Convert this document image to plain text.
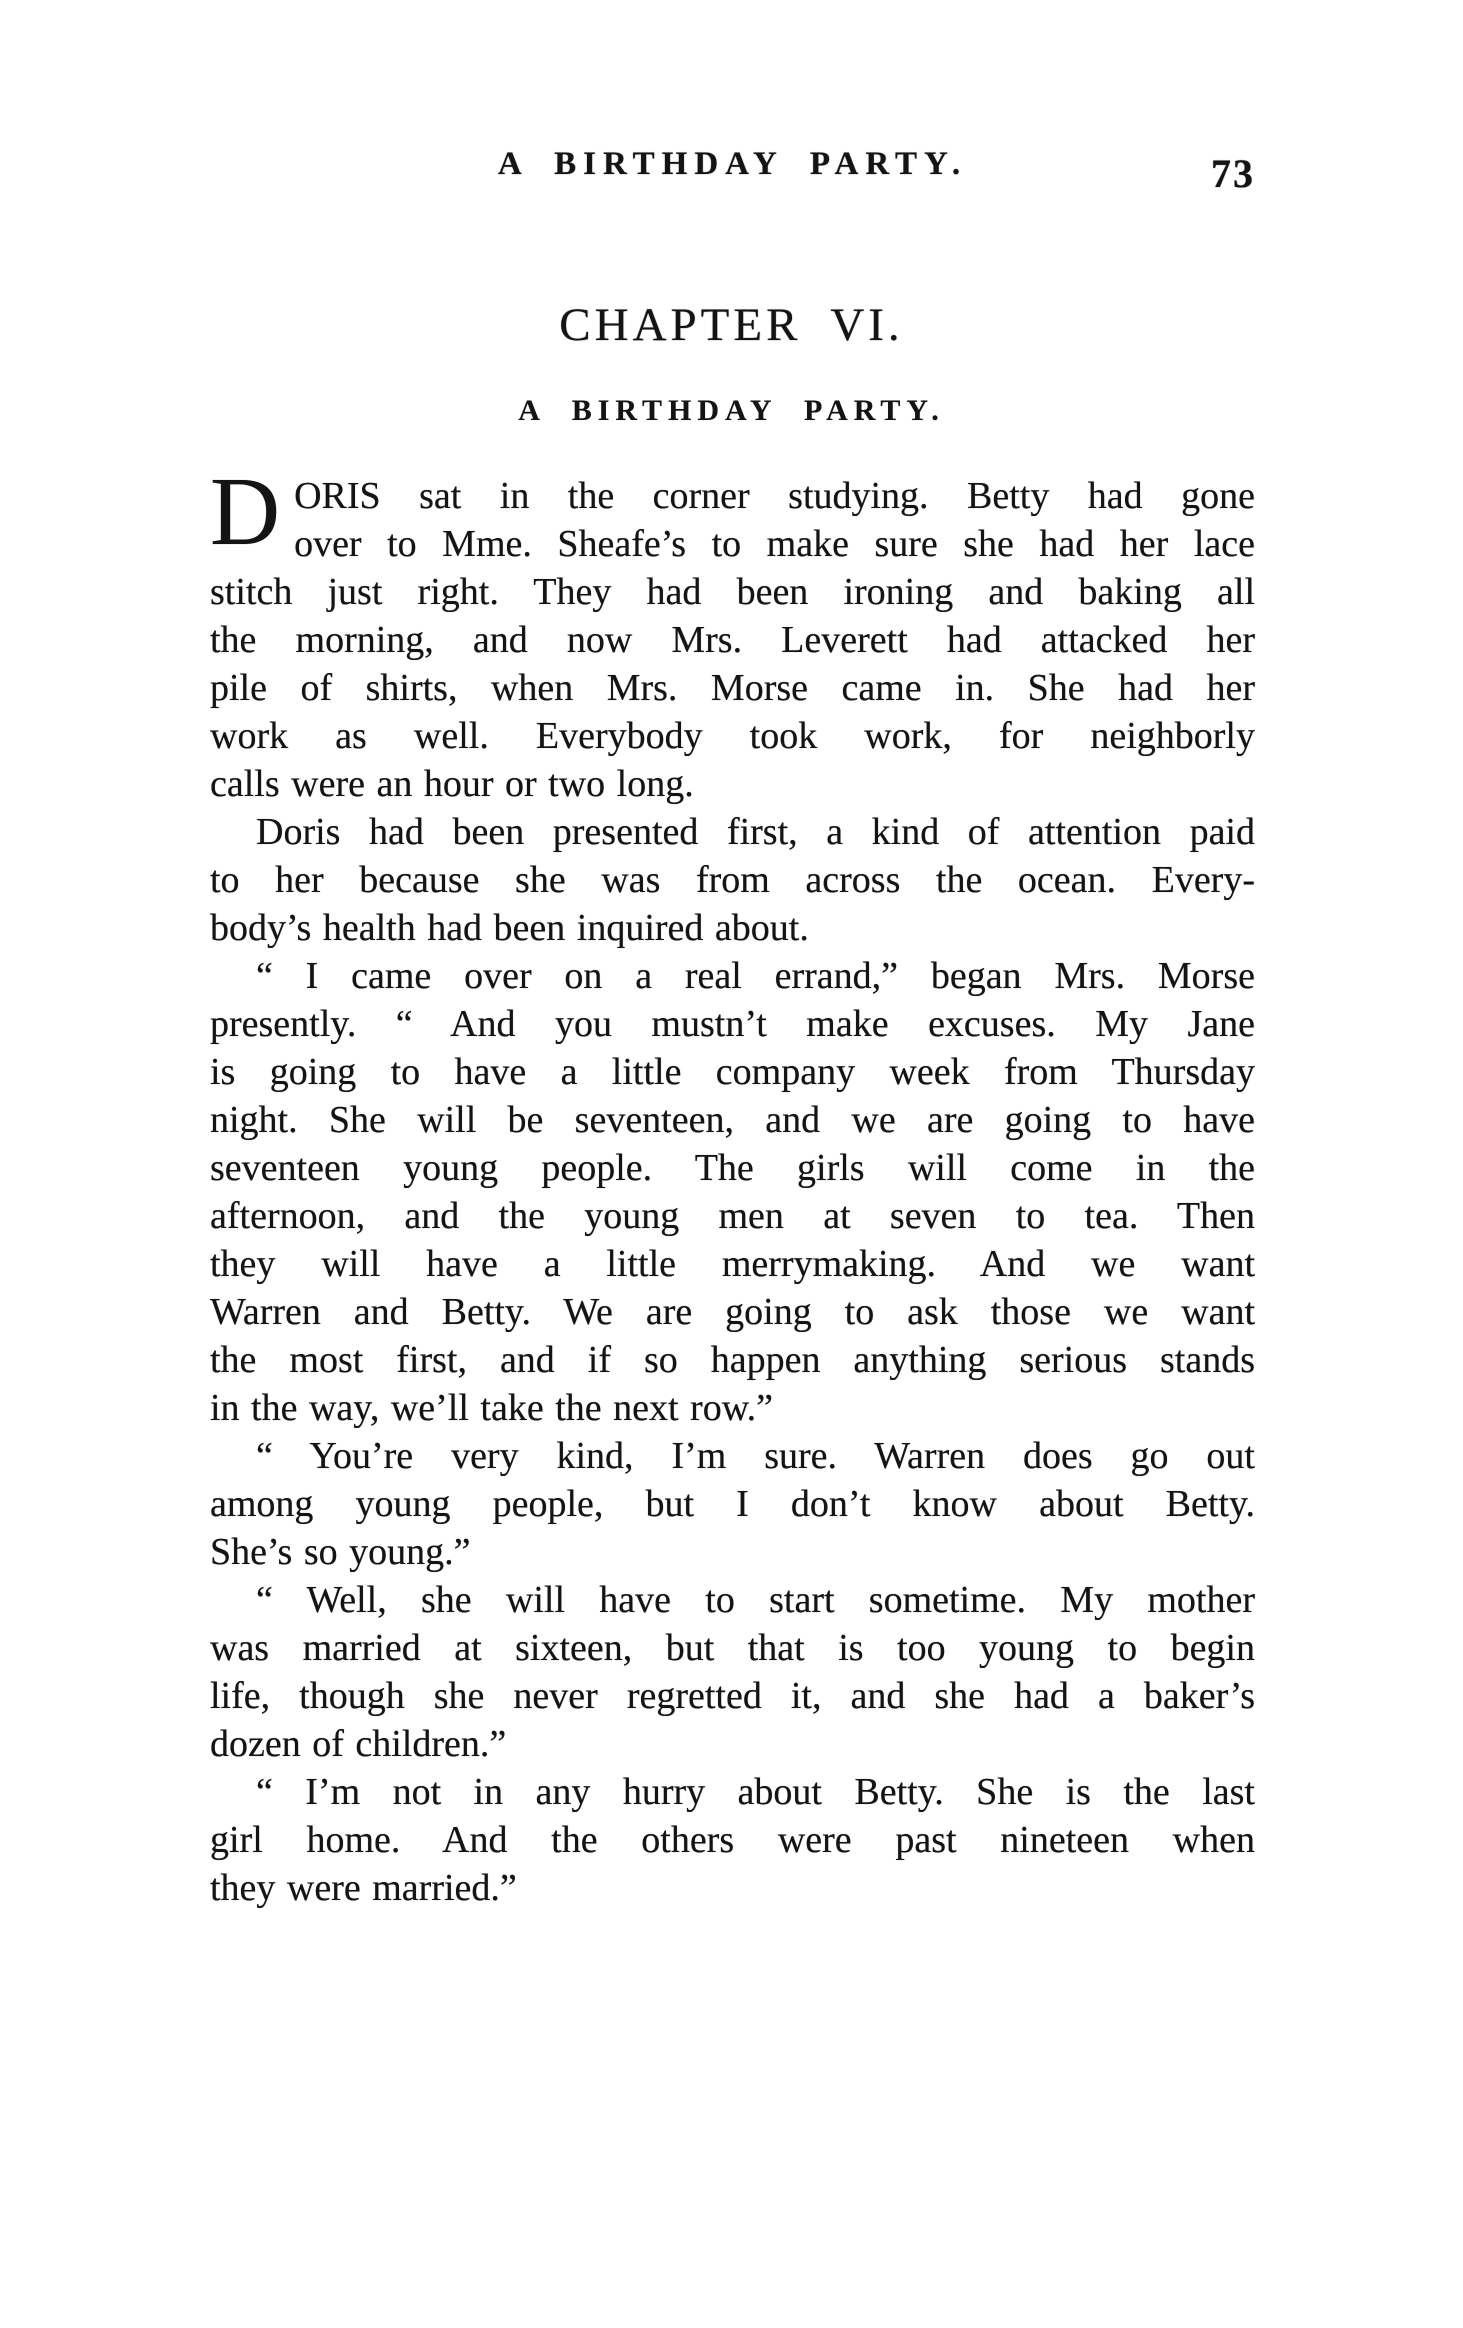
A BIRTHDAY PARTY.	73
CHAPTER VI.
A BIRTHDAY PARTY.
DORIS sat in the corner studying. Betty had gone
over to Mme. Sheafe’s to make sure she had her lace
stitch just right. They had been ironing and baking all
the morning, and now Mrs. Leverett had attacked her
pile of shirts, when Mrs. Morse came in. She had her
work as well. Everybody took work, for neighborly
calls were an hour or two long.
Doris had been presented first, a kind of attention paid
to her because she was from across the ocean. Every-
body’s health had been inquired about.
“ I came over on a real errand,” began Mrs. Morse
presently. “ And you mustn’t make excuses. My Jane
is going to have a little company week from Thursday
night. She will be seventeen, and we are going to have
seventeen young people. The girls will come in the
afternoon, and the young men at seven to tea. Then
they will have a little merrymaking. And we want
Warren and Betty. We are going to ask those we want
the most first, and if so happen anything serious stands
in the way, we’ll take the next row.”
“ You’re very kind, I’m sure. Warren does go out
among young people, but I don’t know about Betty.
She’s so young.”
“ Well, she will have to start sometime. My mother
was married at sixteen, but that is too young to begin
life, though she never regretted it, and she had a baker’s
dozen of children.”
“ I’m not in any hurry about Betty. She is the last
girl home. And the others were past nineteen when
they were married.”
